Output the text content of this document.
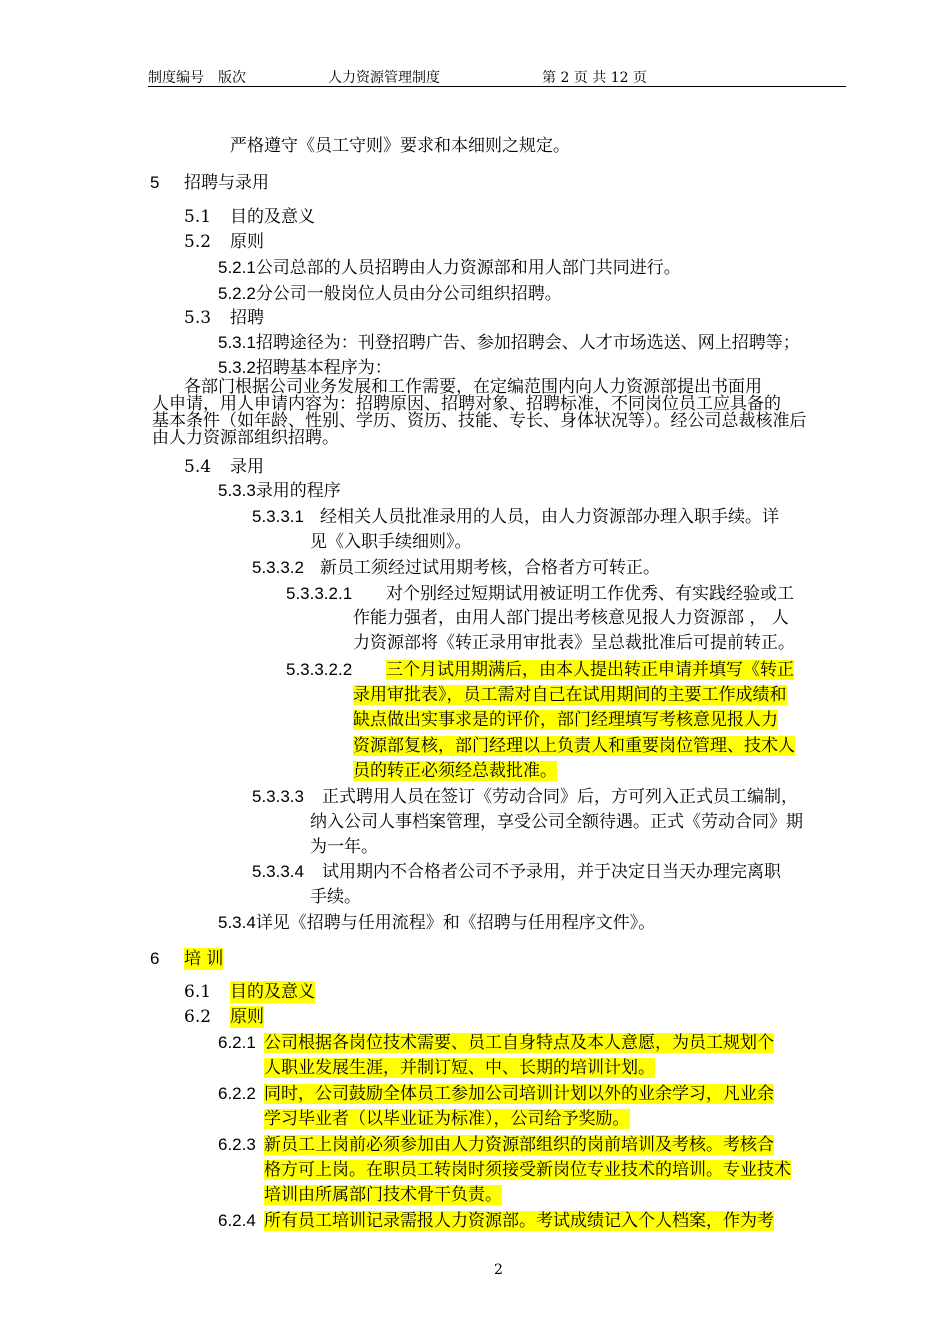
制度编号 版次	人力资源管理制度	第 2 页 共 12 页
严格遵守《员工守则》要求和本细则之规定。
5 招聘与录用
5.1 目的及意义
5.2 原则
5.2.1公司总部的人员招聘由人力资源部和用人部门共同进行。
5.2.2分公司一般岗位人员由分公司组织招聘。
5.3 招聘
5.3.1招聘途径为：刊登招聘广告、参加招聘会、人才市场选送、网上招聘等；
5.3.2招聘基本程序为：
各部门根据公司业务发展和工作需要，在定编范围内向人力资源部提出书面用
人申请，用人申请内容为：招聘原因、招聘对象、招聘标准，不同岗位员工应具备的
基本条件（如年龄、性别、学历、资历、技能、专长、身体状况等）。经公司总裁核准后
由人力资源部组织招聘。
5.4 录用
5.3.3录用的程序
5.3.3.1 经相关人员批准录用的人员，由人力资源部办理入职手续。详
见《入职手续细则》。
5.3.3.2 新员工须经过试用期考核，合格者方可转正。
5.3.3.2.1 对个别经过短期试用被证明工作优秀、有实践经验或工
作能力强者，由用人部门提出考核意见报人力资源部 ， 人
力资源部将《转正录用审批表》呈总裁批准后可提前转正。
5.3.3.2.2 三个月试用期满后，由本人提出转正申请并填写《转正
录用审批表》，员工需对自己在试用期间的主要工作成绩和
缺点做出实事求是的评价，部门经理填写考核意见报人力
资源部复核，部门经理以上负责人和重要岗位管理、技术人
员的转正必须经总裁批准。
5.3.3.3 正式聘用人员在签订《劳动合同》后，方可列入正式员工编制，
纳入公司人事档案管理，享受公司全额待遇。正式《劳动合同》期
为一年。
5.3.3.4 试用期内不合格者公司不予录用，并于决定日当天办理完离职
手续。
5.3.4详见《招聘与任用流程》和《招聘与任用程序文件》。
6 培 训
6.1 目的及意义
6.2 原则
6.2.1 公司根据各岗位技术需要、员工自身特点及本人意愿，为员工规划个
人职业发展生涯，并制订短、中、长期的培训计划。
6.2.2 同时，公司鼓励全体员工参加公司培训计划以外的业余学习，凡业余
学习毕业者（以毕业证为标准），公司给予奖励。
6.2.3 新员工上岗前必须参加由人力资源部组织的岗前培训及考核。考核合
格方可上岗。在职员工转岗时须接受新岗位专业技术的培训。专业技术
培训由所属部门技术骨干负责。
6.2.4 所有员工培训记录需报人力资源部。考试成绩记入个人档案，作为考
2
